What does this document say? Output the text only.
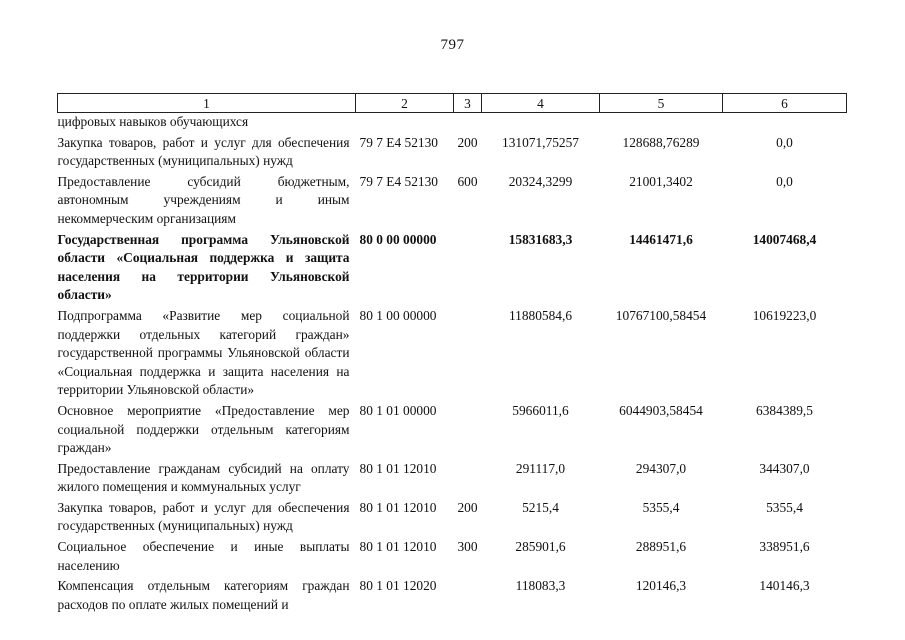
797
1	2	3	4	5	6
цифровых навыков обучающихся					
Закупка товаров, работ и услуг для обеспечения государственных (муниципальных) нужд	79 7 E4 52130	200	131071,75257	128688,76289	0,0
Предоставление субсидий бюджетным, автономным учреждениям и иным некоммерческим организациям	79 7 E4 52130	600	20324,3299	21001,3402	0,0
Государственная программа Ульяновской области «Социальная поддержка и защита населения на территории Ульяновской области»	80 0 00 00000		15831683,3	14461471,6	14007468,4
Подпрограмма «Развитие мер социальной поддержки отдельных категорий граждан» государственной программы Ульяновской области «Социальная поддержка и защита населения на территории Ульяновской области»	80 1 00 00000		11880584,6	10767100,58454	10619223,0
Основное мероприятие «Предоставление мер социальной поддержки отдельным категориям граждан»	80 1 01 00000		5966011,6	6044903,58454	6384389,5
Предоставление гражданам субсидий на оплату жилого помещения и коммунальных услуг	80 1 01 12010		291117,0	294307,0	344307,0
Закупка товаров, работ и услуг для обеспечения государственных (муниципальных) нужд	80 1 01 12010	200	5215,4	5355,4	5355,4
Социальное обеспечение и иные выплаты населению	80 1 01 12010	300	285901,6	288951,6	338951,6
Компенсация отдельным категориям граждан расходов по оплате жилых помещений и	80 1 01 12020		118083,3	120146,3	140146,3
